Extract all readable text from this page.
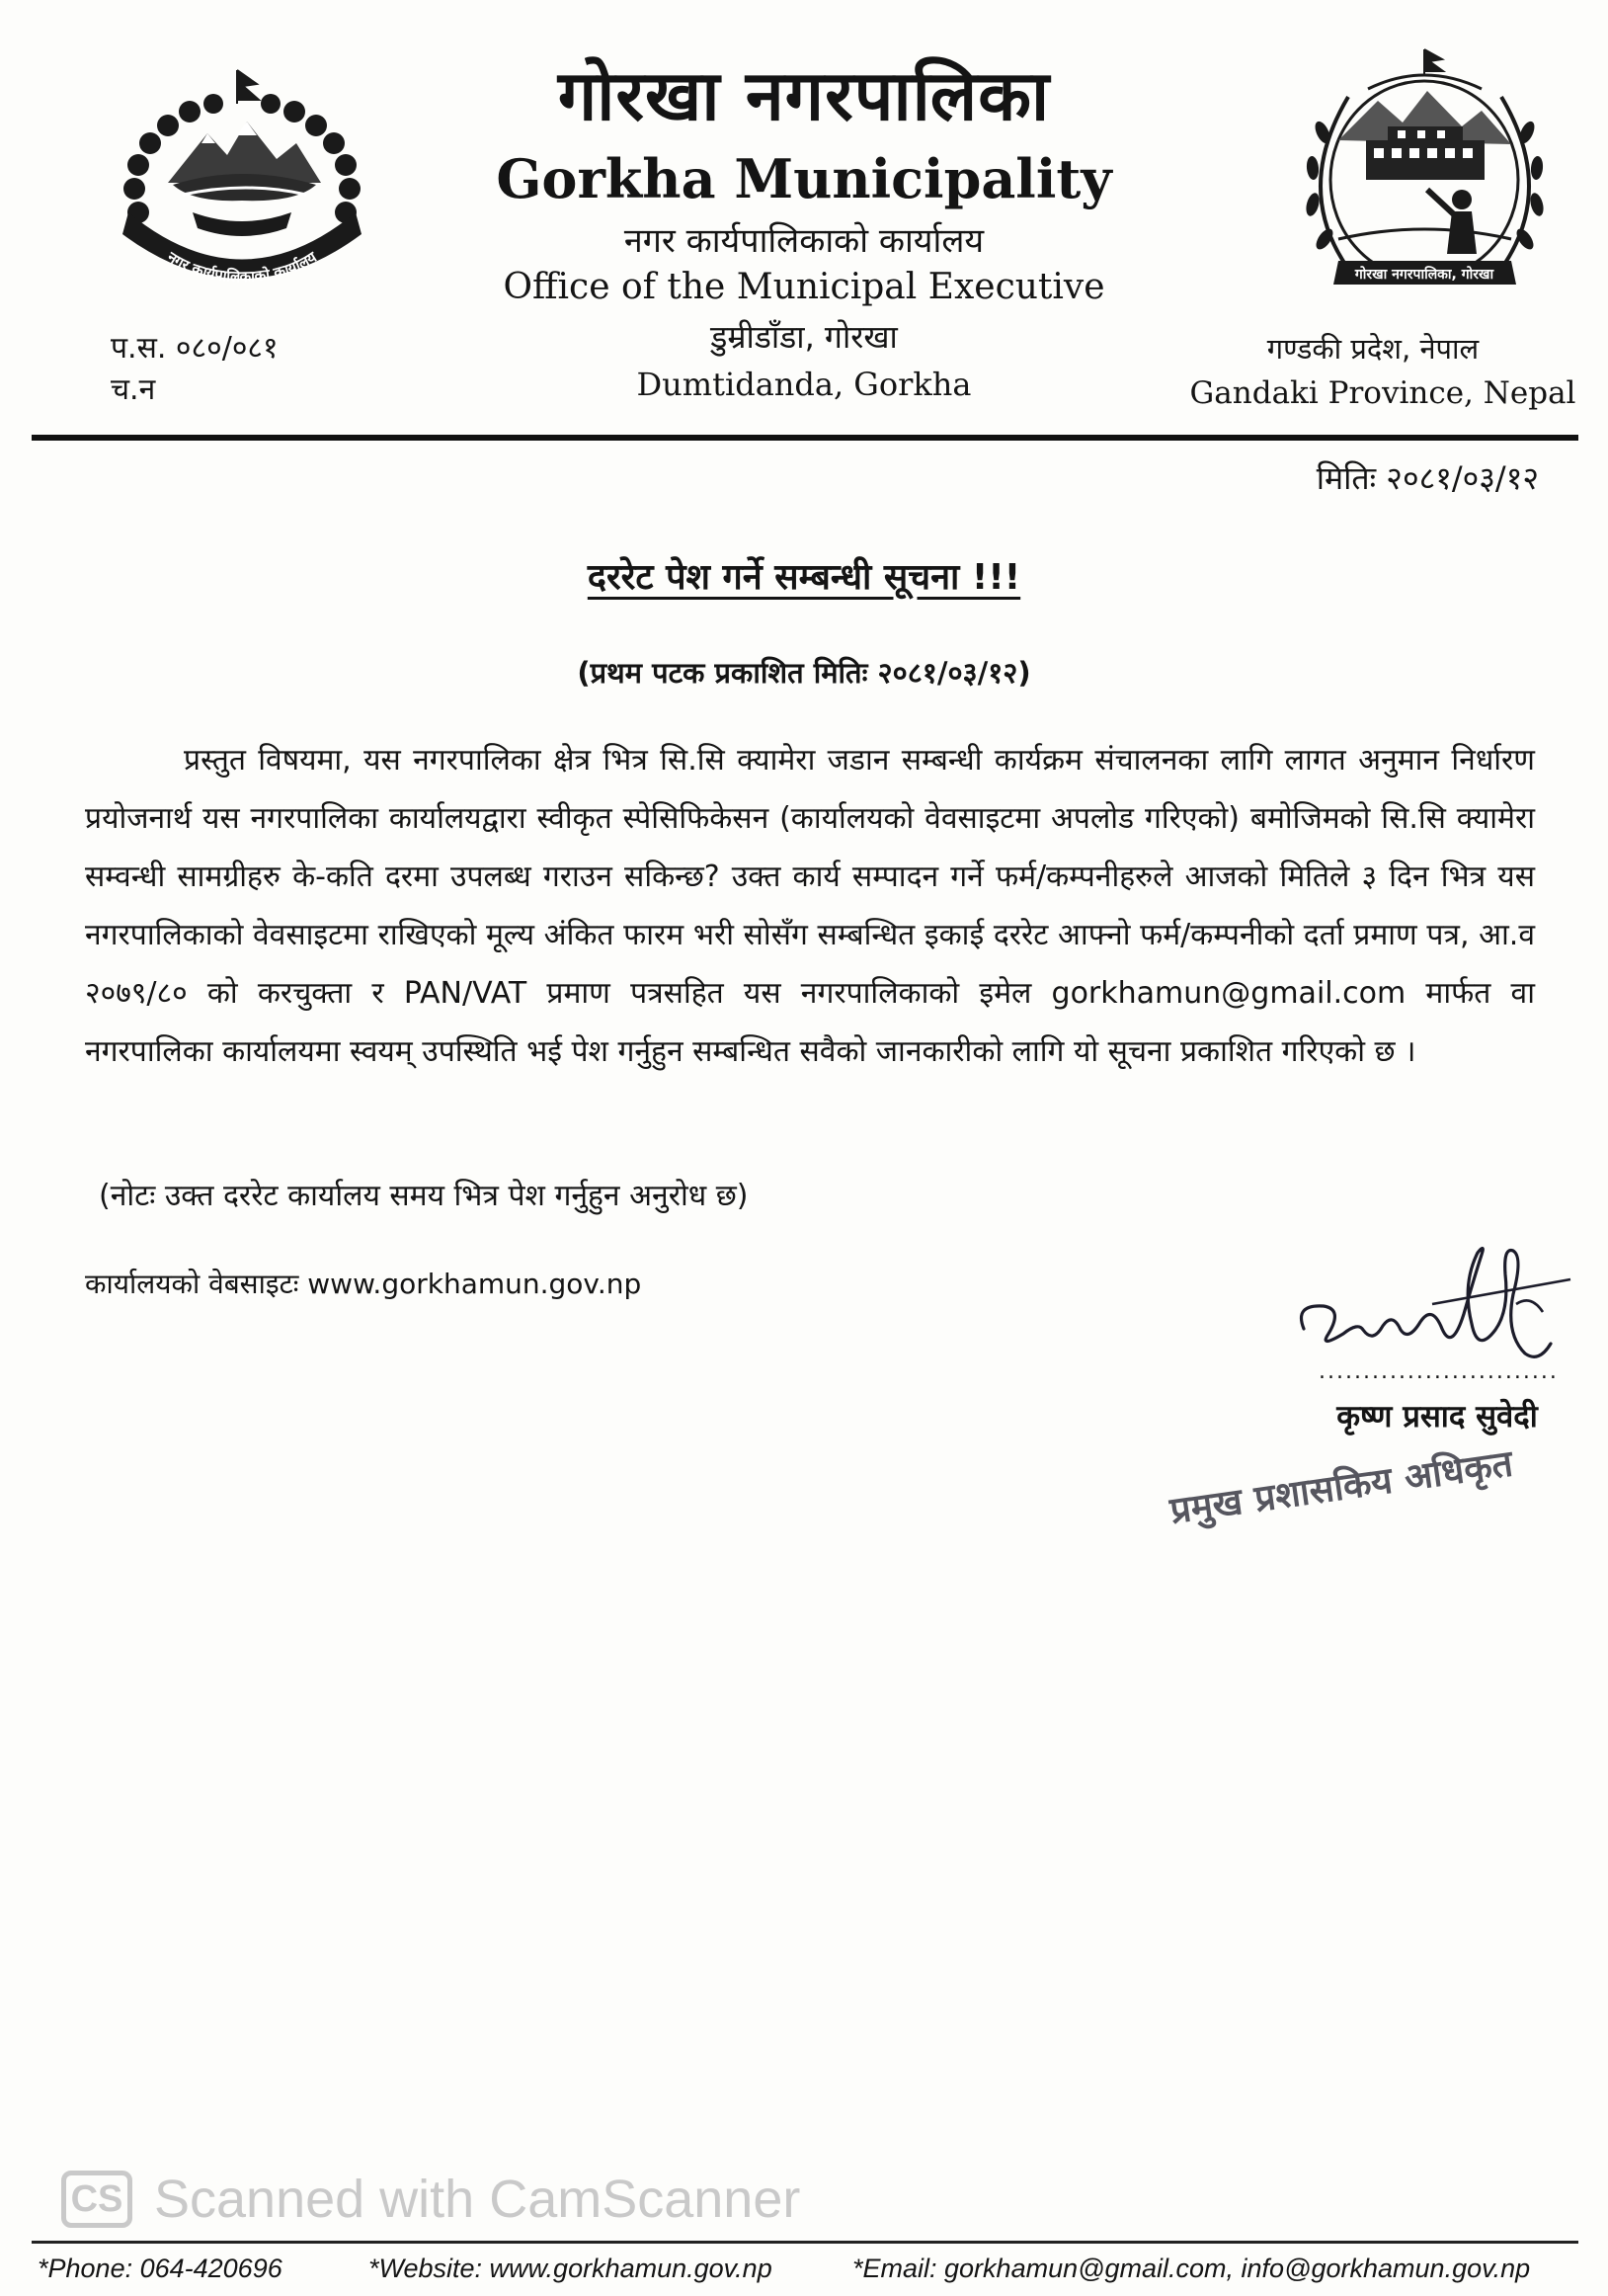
नगर कार्यपालिकाको कार्यालय
गोरखा नगरपालिका, गोरखा
गोरखा नगरपालिका
Gorkha Municipality
नगर कार्यपालिकाको कार्यालय
Office of the Municipal Executive
डुम्रीडाँडा, गोरखा
Dumtidanda, Gorkha
प.स. ०८०/०८१
च.न
गण्डकी प्रदेश, नेपाल
Gandaki Province, Nepal
मितिः २०८१/०३/१२
दररेट पेश गर्ने सम्बन्धी सूचना !!!
(प्रथम पटक प्रकाशित मितिः २०८१/०३/१२)
प्रस्तुत विषयमा, यस नगरपालिका क्षेत्र भित्र सि.सि क्यामेरा जडान सम्बन्धी कार्यक्रम संचालनका लागि लागत अनुमान निर्धारण प्रयोजनार्थ यस नगरपालिका कार्यालयद्वारा स्वीकृत स्पेसिफिकेसन (कार्यालयको वेवसाइटमा अपलोड गरिएको) बमोजिमको सि.सि क्यामेरा सम्वन्धी सामग्रीहरु के-कति दरमा उपलब्ध गराउन सकिन्छ? उक्त कार्य सम्पादन गर्ने फर्म/कम्पनीहरुले आजको मितिले ३ दिन भित्र यस नगरपालिकाको वेवसाइटमा राखिएको मूल्य अंकित फारम भरी सोसँग सम्बन्धित इकाई दररेट आफ्नो फर्म/कम्पनीको दर्ता प्रमाण पत्र, आ.व २०७९/८० को करचुक्ता र PAN/VAT प्रमाण पत्रसहित यस नगरपालिकाको इमेल gorkhamun@gmail.com मार्फत वा नगरपालिका कार्यालयमा स्वयम् उपस्थिति भई पेश गर्नुहुन सम्बन्धित सवैको जानकारीको लागि यो सूचना प्रकाशित गरिएको छ ।
(नोटः उक्त दररेट कार्यालय समय भित्र पेश गर्नुहुन अनुरोध छ)
कार्यालयको वेबसाइटः www.gorkhamun.gov.np
...........................
कृष्ण प्रसाद सुवेदी
प्रमुख प्रशासकिय अधिकृत
CS Scanned with CamScanner
*Phone: 064-420696	*Website: www.gorkhamun.gov.np	*Email: gorkhamun@gmail.com, info@gorkhamun.gov.np
